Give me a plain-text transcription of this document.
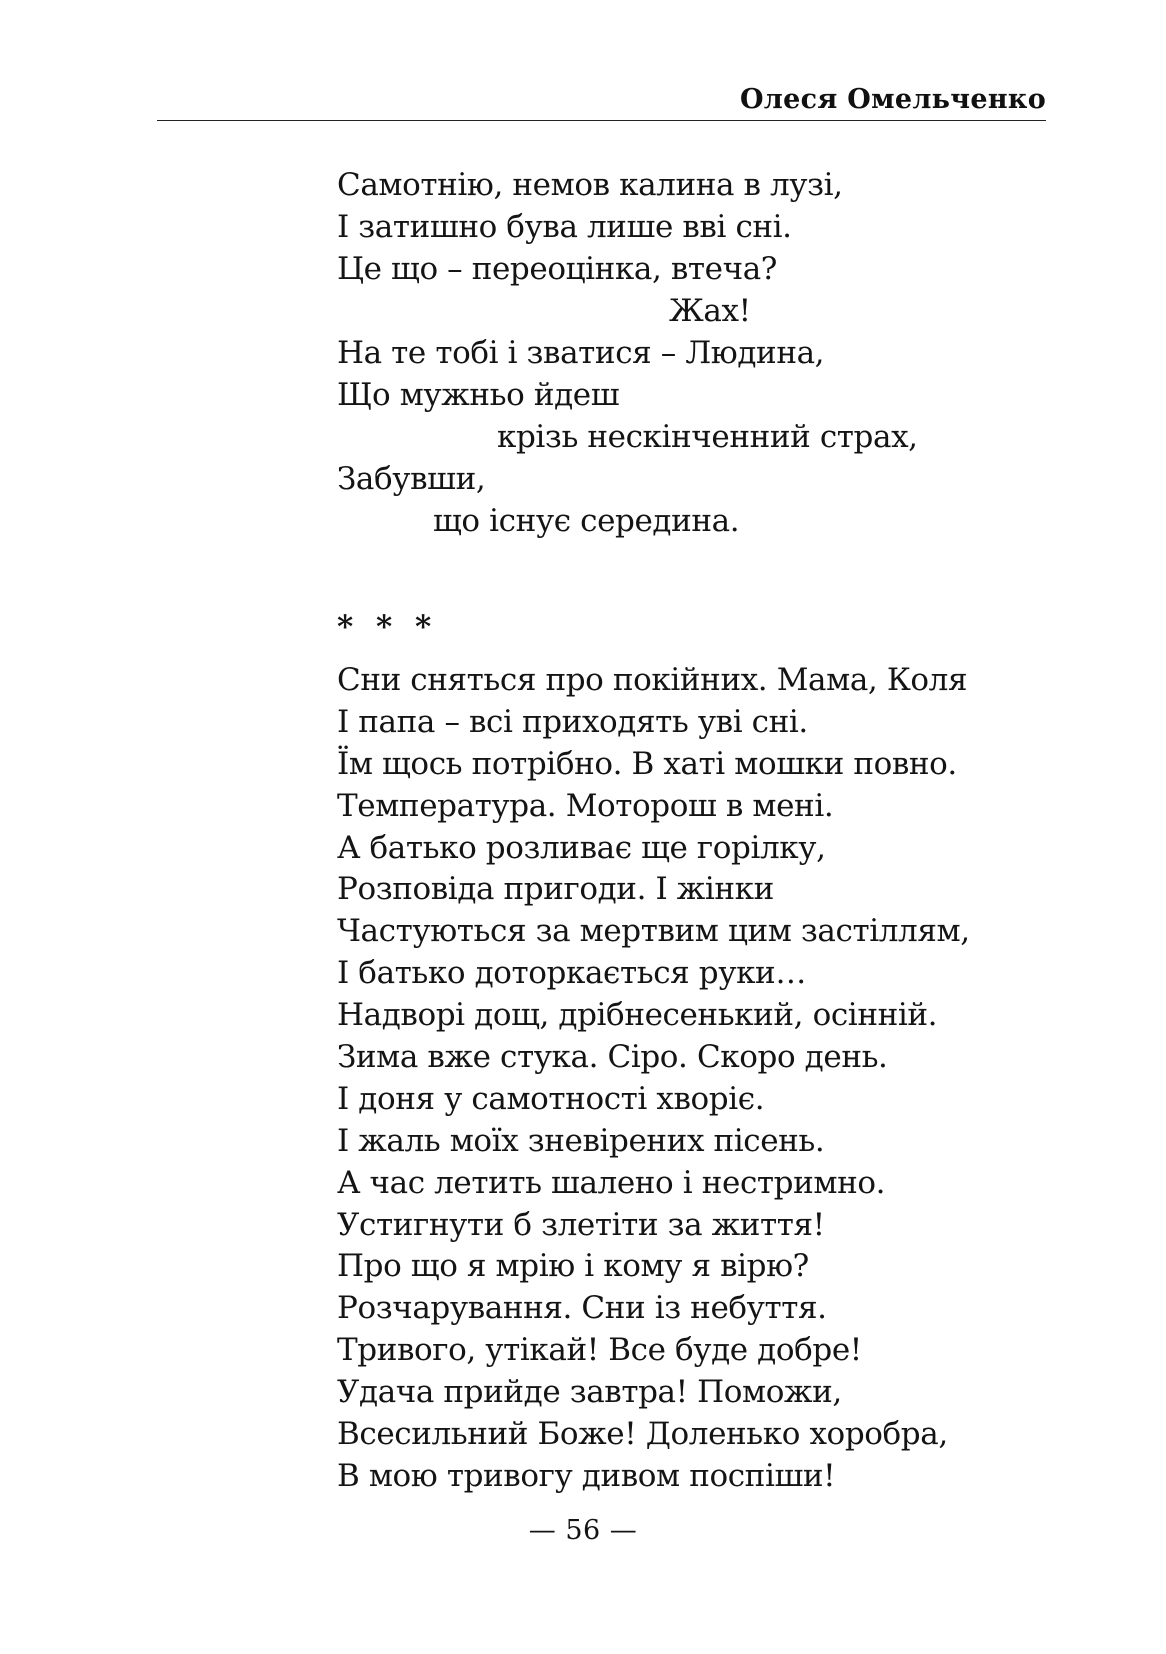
Олеся Омельченко
Самотнію, немов калина в лузі,
І затишно бува лише вві сні.
Це що – переоцінка, втеча?
Жах!
На те тобі і зватися – Людина,
Що мужньо йдеш
крізь нескінченний страх,
Забувши,
що існує середина.
* * *
Сни сняться про покійних. Мама, Коля
І папа – всі приходять уві сні.
Їм щось потрібно. В хаті мошки повно.
Температура. Моторош в мені.
А батько розливає ще горілку,
Розповіда пригоди. І жінки
Частуються за мертвим цим застіллям,
І батько доторкається руки…
Надворі дощ, дрібнесенький, осінній.
Зима вже стука. Сіро. Скоро день.
І доня у самотності хворіє.
І жаль моїх зневірених пісень.
А час летить шалено і нестримно.
Устигнути б злетіти за життя!
Про що я мрію і кому я вірю?
Розчарування. Сни із небуття.
Тривого, утікай! Все буде добре!
Удача прийде завтра! Поможи,
Всесильний Боже! Доленько хоробра,
В мою тривогу дивом поспіши!
— 56 —
